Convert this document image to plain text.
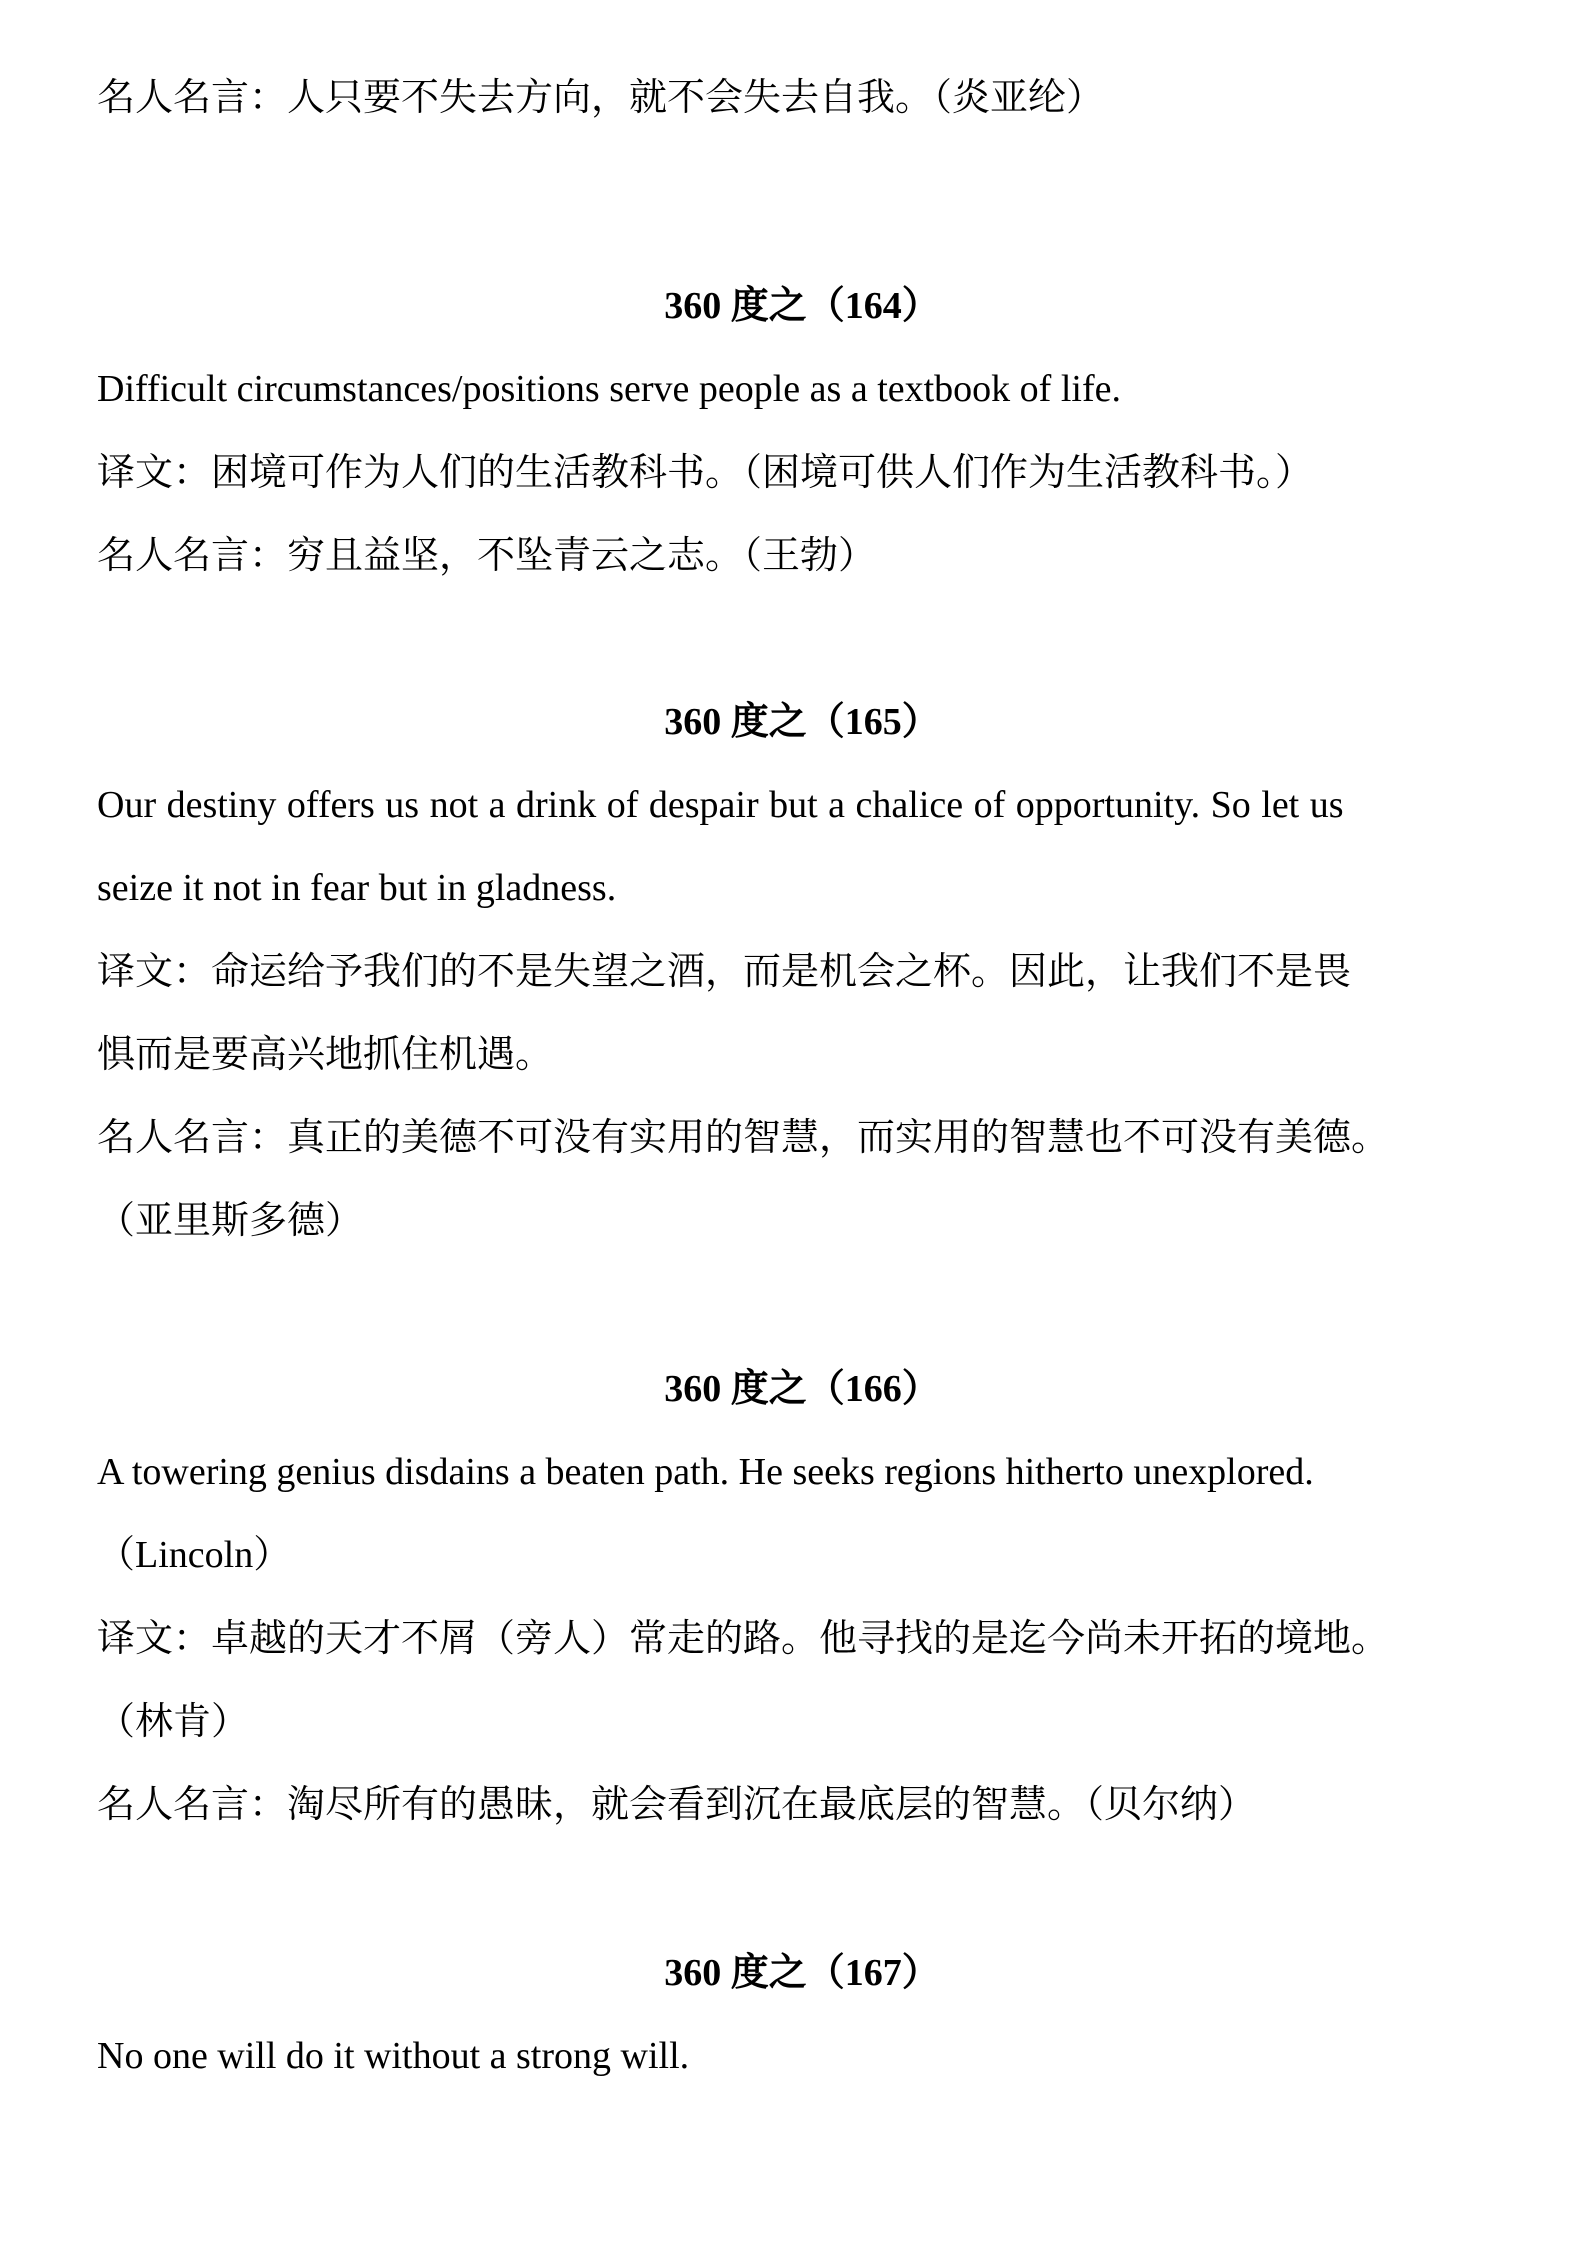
名人名言：人只要不失去方向，就不会失去自我。（炎亚纶）
360 度之（164）
Difficult circumstances/positions serve people as a textbook of life.
译文：困境可作为人们的生活教科书。（困境可供人们作为生活教科书。）
名人名言：穷且益坚，不坠青云之志。（王勃）
360 度之（165）
Our destiny offers us not a drink of despair but a chalice of opportunity. So let us
seize it not in fear but in gladness.
译文：命运给予我们的不是失望之酒，而是机会之杯。因此，让我们不是畏
惧而是要高兴地抓住机遇。
名人名言：真正的美德不可没有实用的智慧，而实用的智慧也不可没有美德。
（亚里斯多德）
360 度之（166）
A towering genius disdains a beaten path. He seeks regions hitherto unexplored.
（Lincoln）
译文：卓越的天才不屑（旁人）常走的路。他寻找的是迄今尚未开拓的境地。
（林肯）
名人名言：淘尽所有的愚昧，就会看到沉在最底层的智慧。（贝尔纳）
360 度之（167）
No one will do it without a strong will.
